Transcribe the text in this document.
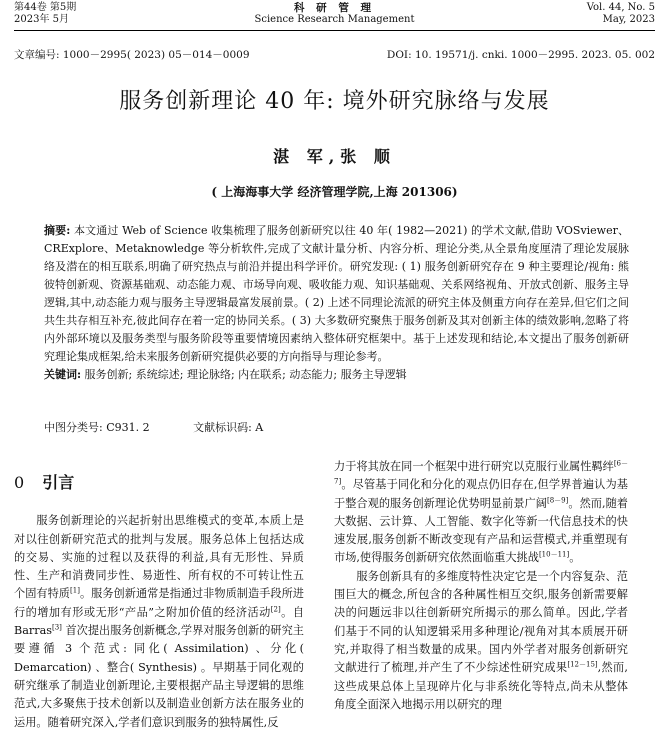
第44卷 第5期
2023年 5月
科 研 管 理
Science Research Management
Vol. 44, No. 5
May, 2023
文章编号: 1000－2995( 2023) 05－014－0009	DOI: 10. 19571/j. cnki. 1000－2995. 2023. 05. 002
服务创新理论 40 年: 境外研究脉络与发展
湛 军,张 顺
( 上海海事大学 经济管理学院,上海 201306)
摘要: 本文通过 Web of Science 收集梳理了服务创新研究以往 40 年( 1982—2021) 的学术文献,借助 VOSviewer、CRExplore、Metaknowledge 等分析软件,完成了文献计量分析、内容分析、理论分类,从全景角度厘清了理论发展脉络及潜在的相互联系,明确了研究热点与前沿并提出科学评价。研究发现: ( 1) 服务创新研究存在 9 种主要理论/视角: 熊彼特创新观、资源基础观、动态能力观、市场导向观、吸收能力观、知识基础观、关系网络视角、开放式创新、服务主导逻辑,其中,动态能力观与服务主导逻辑最富发展前景。( 2) 上述不同理论流派的研究主体及侧重方向存在差异,但它们之间共生共存相互补充,彼此间存在着一定的协同关系。( 3) 大多数研究聚焦于服务创新及其对创新主体的绩效影响,忽略了将内外部环境以及服务类型与服务阶段等重要情境因素纳入整体研究框架中。基于上述发现和结论,本文提出了服务创新研究理论集成框架,给未来服务创新研究提供必要的方向指导与理论参考。
关键词: 服务创新; 系统综述; 理论脉络; 内在联系; 动态能力; 服务主导逻辑
中图分类号: C931. 2	文献标识码: A
0 引言

服务创新理论的兴起折射出思维模式的变革,本质上是对以往创新研究范式的批判与发展。服务总体上包括达成的交易、实施的过程以及获得的利益,具有无形性、异质性、生产和消费同步性、易逝性、所有权的不可转让性五个固有特质[1]。服务创新通常是指通过非物质制造手段所进行的增加有形或无形“产品”之附加价值的经济活动[2]。自 Barras[3] 首次提出服务创新概念,学界对服务创新的研究主要遵循 3 个范式: 同化( Assimilation) 、分化( Demarcation) 、整合( Synthesis) 。早期基于同化观的研究继承了制造业创新理论,主要根据产品主导逻辑的思维范式,大多聚焦于技术创新以及制造业创新方法在服务业的运用。随着研究深入,学者们意识到服务的独特属性,反

力于将其放在同一个框架中进行研究以克服行业属性羁绊[6－7]。尽管基于同化和分化的观点仍旧存在,但学界普遍认为基于整合观的服务创新理论优势明显前景广阔[8－9]。然而,随着大数据、云计算、人工智能、数字化等新一代信息技术的快速发展,服务创新不断改变现有产品和运营模式,并重塑现有市场,使得服务创新研究依然面临重大挑战[10－11]。

服务创新具有的多维度特性决定它是一个内容复杂、范围巨大的概念,所包含的各种属性相互交织,服务创新需要解决的问题远非以往创新研究所揭示的那么简单。因此,学者们基于不同的认知逻辑采用多种理论/视角对其本质展开研究,并取得了相当数量的成果。国内外学者对服务创新研究文献进行了梳理,并产生了不少综述性研究成果[12－15],然而,这些成果总体上呈现碎片化与非系统化等特点,尚未从整体角度全面深入地揭示用以研究的理
